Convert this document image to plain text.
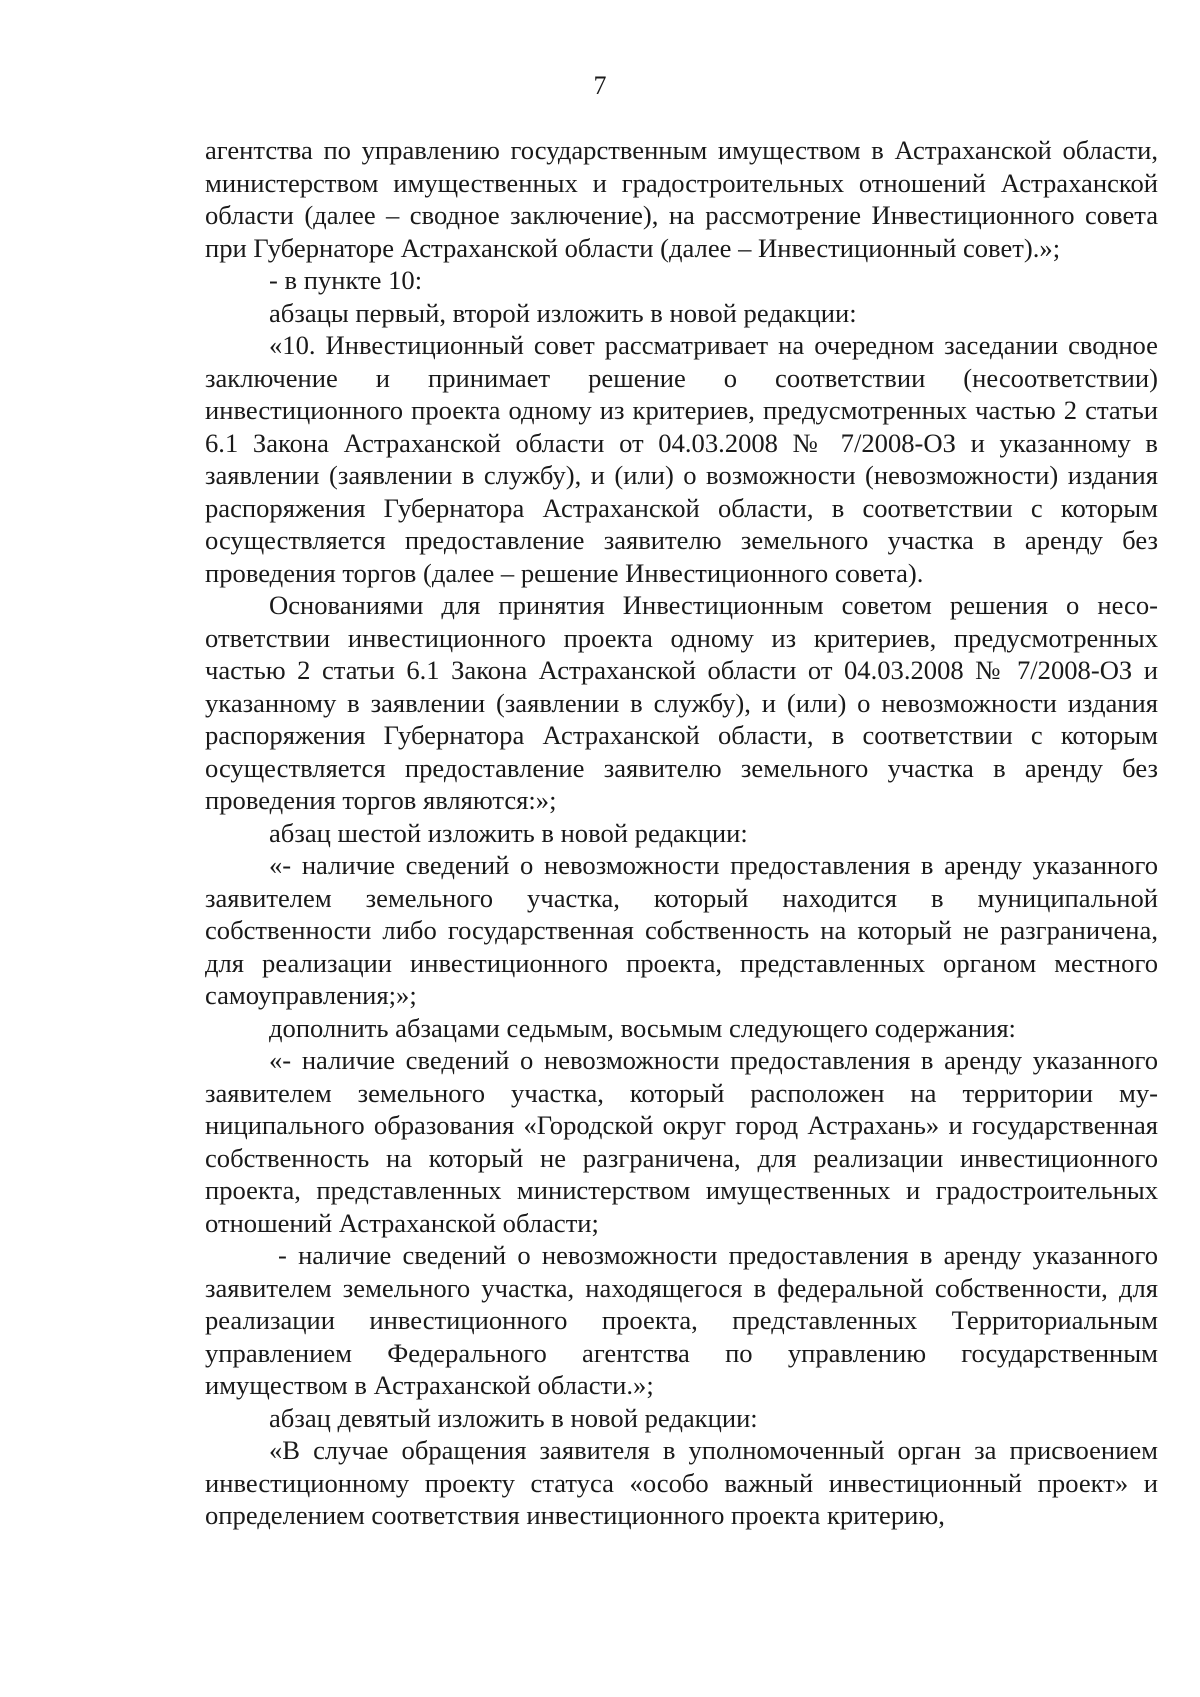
7

агентства по управлению государственным имуществом в Астраханской области, министерством имущественных и градостроительных отношений Астраханской области (далее – сводное заключение), на рассмотрение Инвестиционного совета при Губернаторе Астраханской области (далее – Инвестиционный совет).»;

- в пункте 10:

абзацы первый, второй изложить в новой редакции:

«10. Инвестиционный совет рассматривает на очередном заседании сводное заключение и принимает решение о соответствии (несоответствии) инвестиционного проекта одному из критериев, предусмотренных частью 2 статьи 6.1 Закона Астраханской области от 04.03.2008 № 7/2008-ОЗ и указанному в заявлении (заявлении в службу), и (или) о возможности (невозможности) издания распоряжения Губернатора Астраханской области, в соответствии с которым осуществляется предоставление заявителю земельного участка в аренду без проведения торгов (далее – решение Инвестиционного совета).

Основаниями для принятия Инвестиционным советом решения о несоответствии инвестиционного проекта одному из критериев, предусмотренных частью 2 статьи 6.1 Закона Астраханской области от 04.03.2008 № 7/2008-ОЗ и указанному в заявлении (заявлении в службу), и (или) о невозможности издания распоряжения Губернатора Астраханской области, в соответствии с которым осуществляется предоставление заявителю земельного участка в аренду без проведения торгов являются:»;

абзац шестой изложить в новой редакции:

«- наличие сведений о невозможности предоставления в аренду указанного заявителем земельного участка, который находится в муниципальной собственности либо государственная собственность на который не разграничена, для реализации инвестиционного проекта, представленных органом местного самоуправления;»;

дополнить абзацами седьмым, восьмым следующего содержания:

«- наличие сведений о невозможности предоставления в аренду указанного заявителем земельного участка, который расположен на территории муниципального образования «Городской округ город Астрахань» и государственная собственность на который не разграничена, для реализации инвестиционного проекта, представленных министерством имущественных и градостроительных отношений Астраханской области;

- наличие сведений о невозможности предоставления в аренду указанного заявителем земельного участка, находящегося в федеральной собственности, для реализации инвестиционного проекта, представленных Территориальным управлением Федерального агентства по управлению государственным имуществом в Астраханской области.»;

абзац девятый изложить в новой редакции:

«В случае обращения заявителя в уполномоченный орган за присвоением инвестиционному проекту статуса «особо важный инвестиционный проект» и определением соответствия инвестиционного проекта критерию,
